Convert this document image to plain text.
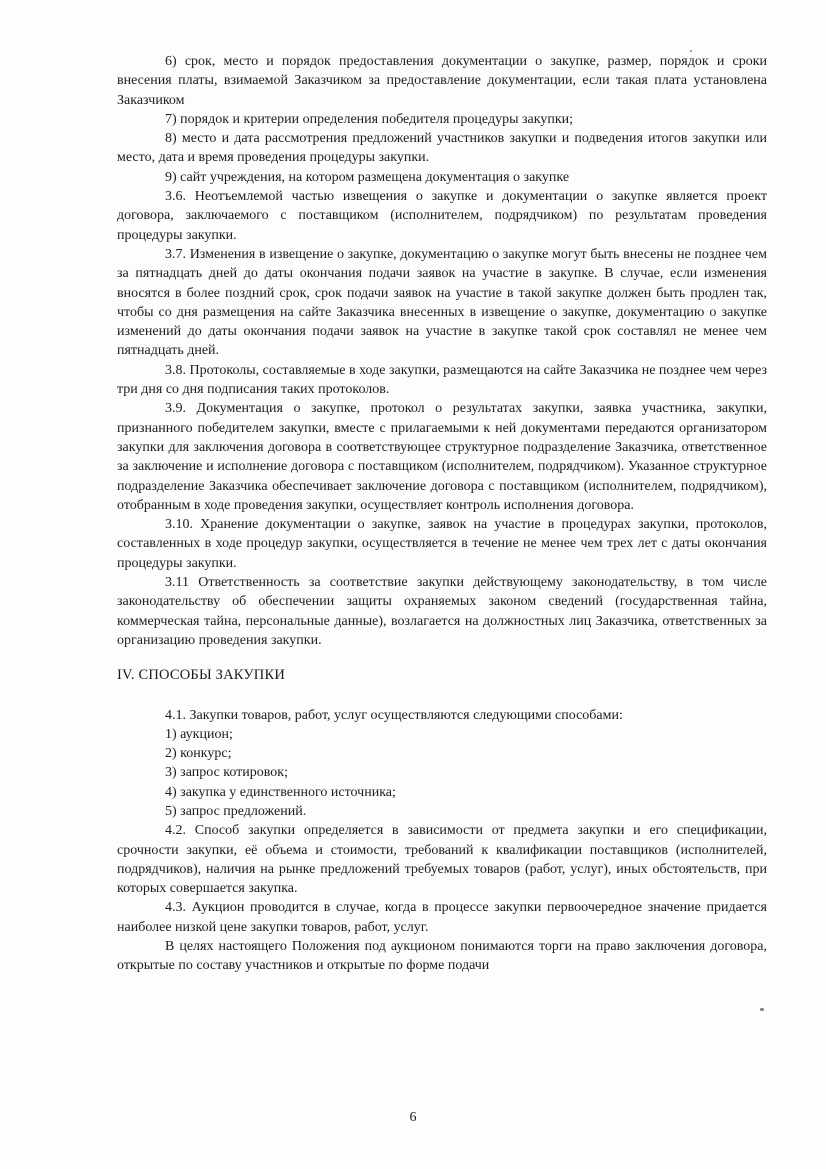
6) срок, место и порядок предоставления документации о закупке, размер, порядок и сроки внесения платы, взимаемой Заказчиком за предоставление документации, если такая плата установлена Заказчиком

7) порядок и критерии определения победителя процедуры закупки;

8) место и дата рассмотрения предложений участников закупки и подведения итогов закупки или место, дата и время проведения процедуры закупки.

9) сайт учреждения, на котором размещена документация о закупке

3.6. Неотъемлемой частью извещения о закупке и документации о закупке является проект договора, заключаемого с поставщиком (исполнителем, подрядчиком) по результатам проведения процедуры закупки.

3.7. Изменения в извещение о закупке, документацию о закупке могут быть внесены не позднее чем за пятнадцать дней до даты окончания подачи заявок на участие в закупке. В случае, если изменения вносятся в более поздний срок, срок подачи заявок на участие в такой закупке должен быть продлен так, чтобы со дня размещения на сайте Заказчика внесенных в извещение о закупке, документацию о закупке изменений до даты окончания подачи заявок на участие в закупке такой срок составлял не менее чем пятнадцать дней.

3.8. Протоколы, составляемые в ходе закупки, размещаются на сайте Заказчика не позднее чем через три дня со дня подписания таких протоколов.

3.9. Документация о закупке, протокол о результатах закупки, заявка участника, закупки, признанного победителем закупки, вместе с прилагаемыми к ней документами передаются организатором закупки для заключения договора в соответствующее структурное подразделение Заказчика, ответственное за заключение и исполнение договора с поставщиком (исполнителем, подрядчиком). Указанное структурное подразделение Заказчика обеспечивает заключение договора с поставщиком (исполнителем, подрядчиком), отобранным в ходе проведения закупки, осуществляет контроль исполнения договора.

3.10. Хранение документации о закупке, заявок на участие в процедурах закупки, протоколов, составленных в ходе процедур закупки, осуществляется в течение не менее чем трех лет с даты окончания процедуры закупки.

3.11 Ответственность за соответствие закупки действующему законодательству, в том числе законодательству об обеспечении защиты охраняемых законом сведений (государственная тайна, коммерческая тайна, персональные данные), возлагается на должностных лиц Заказчика, ответственных за организацию проведения закупки.

IV. СПОСОБЫ ЗАКУПКИ

4.1. Закупки товаров, работ, услуг осуществляются следующими способами:

1) аукцион;

2) конкурс;

3) запрос котировок;

4) закупка у единственного источника;

5) запрос предложений.

4.2. Способ закупки определяется в зависимости от предмета закупки и его спецификации, срочности закупки, её объема и стоимости, требований к квалификации поставщиков (исполнителей, подрядчиков), наличия на рынке предложений требуемых товаров (работ, услуг), иных обстоятельств, при которых совершается закупка.

4.3. Аукцион проводится в случае, когда в процессе закупки первоочередное значение придается наиболее низкой цене закупки товаров, работ, услуг.

В целях настоящего Положения под аукционом понимаются торги на право заключения договора, открытые по составу участников и открытые по форме подачи

6
